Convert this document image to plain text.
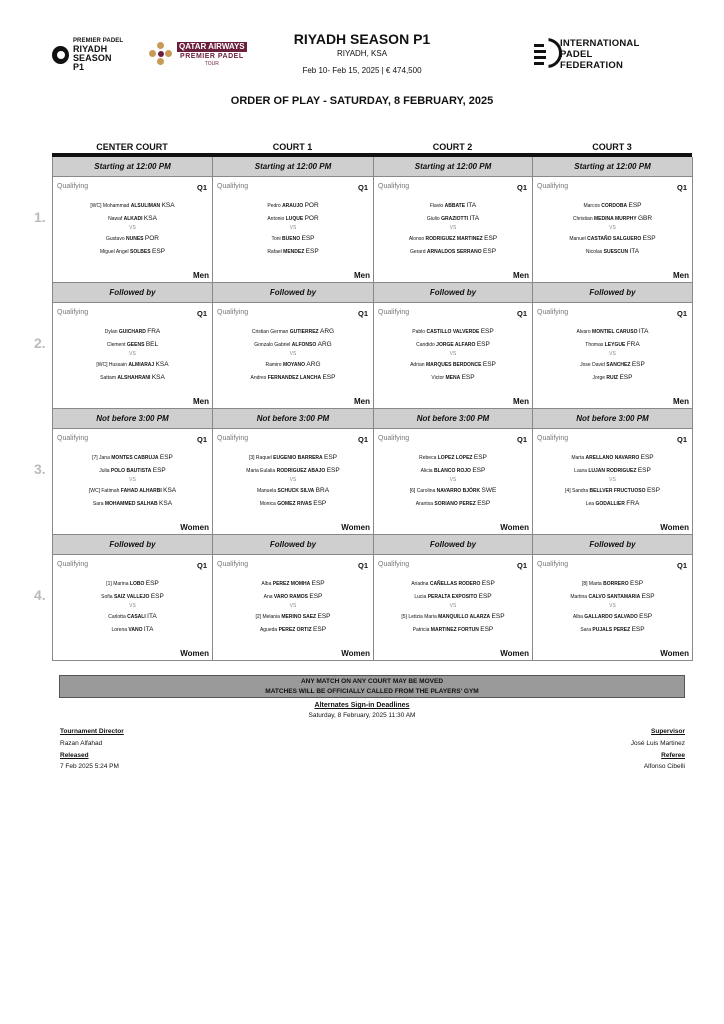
PREMIER PADEL
RIYADH SEASON
P1
QATAR AIRWAYS
PREMIER PADEL
TOUR
RIYADH SEASON P1
RIYADH, KSA
Feb 10- Feb 15, 2025 | € 474,500
INTERNATIONAL
PADEL
FEDERATION
ORDER OF PLAY - SATURDAY, 8 FEBRUARY, 2025
CENTER COURT	COURT 1	COURT 2	COURT 3
1.
Starting at 12:00 PM
Qualifying	Q1
[WC] Mohammad ALSULIMAN KSA
Nawaf ALKADI KSA
VS
Gustavo NUNES POR
Miguel Angel SOLBES ESP
Men
Starting at 12:00 PM
Qualifying	Q1
Pedro ARAUJO POR
Antonio LUQUE POR
VS
Toni BUENO ESP
Rafael MENDEZ ESP
Men
Starting at 12:00 PM
Qualifying	Q1
Flavio ABBATE ITA
Giulio GRAZIOTTI ITA
VS
Alonso RODRIGUEZ MARTINEZ ESP
Gerard ARNALDOS SERRANO ESP
Men
Starting at 12:00 PM
Qualifying	Q1
Marcos CORDOBA ESP
Christian MEDINA MURPHY GBR
VS
Manuel CASTAÑO SALGUERO ESP
Nicolas SUESCUN ITA
Men
2.
Followed by
Qualifying	Q1
Dylan GUICHARD FRA
Clement GEENS BEL
VS
[WC] Hussain ALMIARAJ KSA
Sattam ALSHAHRANI KSA
Men
Followed by
Qualifying	Q1
Cristian German GUTIERREZ ARG
Gonzalo Gabriel ALFONSO ARG
VS
Ramiro MOYANO ARG
Andres FERNANDEZ LANCHA ESP
Men
Followed by
Qualifying	Q1
Pablo CASTILLO VALVERDE ESP
Candido JORGE ALFARO ESP
VS
Adrian MARQUES BERDONCE ESP
Victor MENA ESP
Men
Followed by
Qualifying	Q1
Alvaro MONTIEL CARUSO ITA
Thomas LEYGUE FRA
VS
Jose David SANCHEZ ESP
Jorge RUIZ ESP
Men
3.
Not before 3:00 PM
Qualifying	Q1
[7] Jana MONTES CABRUJA ESP
Julia POLO BAUTISTA ESP
VS
[WC] Fatimah FAHAD ALHARBI KSA
Sara MOHAMMED SALHAB KSA
Women
Not before 3:00 PM
Qualifying	Q1
[3] Raquel EUGENIO BARRERA ESP
Maria Eulalia RODRIGUEZ ABAJO ESP
VS
Manuela SCHUCK SILVA BRA
Monica GOMEZ RIVAS ESP
Women
Not before 3:00 PM
Qualifying	Q1
Rebeca LOPEZ LOPEZ ESP
Alicia BLANCO ROJO ESP
VS
[6] Carolina NAVARRO BJÖRK SWE
Arantxa SORIANO PEREZ ESP
Women
Not before 3:00 PM
Qualifying	Q1
Marta ARELLANO NAVARRO ESP
Laura LUJAN RODRIGUEZ ESP
VS
[4] Sandra BELLVER FRUCTUOSO ESP
Lea GODALLIER FRA
Women
4.
Followed by
Qualifying	Q1
[1] Marina LOBO ESP
Sofia SAIZ VALLEJO ESP
VS
Carlotta CASALI ITA
Lorena VANO ITA
Women
Followed by
Qualifying	Q1
Alba PEREZ MOMHA ESP
Ana VARO RAMOS ESP
VS
[2] Melania MERINO SAEZ ESP
Agueda PEREZ ORTIZ ESP
Women
Followed by
Qualifying	Q1
Ariadna CAÑELLAS RODERO ESP
Lucia PERALTA EXPOSITO ESP
VS
[5] Letizia Maria MANQUILLO ALARZA ESP
Patricia MARTINEZ FORTUN ESP
Women
Followed by
Qualifying	Q1
[8] Marta BORRERO ESP
Martina CALVO SANTAMARIA ESP
VS
Alba GALLARDO SALVADO ESP
Sara PUJALS PEREZ ESP
Women
ANY MATCH ON ANY COURT MAY BE MOVED
MATCHES WILL BE OFFICIALLY CALLED FROM THE PLAYERS' GYM
Alternates Sign-in Deadlines
Saturday, 8 February, 2025 11:30 AM
Tournament Director
Razan Alfahad
Released
7 Feb 2025 5:24 PM
Supervisor
José Luis Martinez
Referee
Alfonso Cibelli
